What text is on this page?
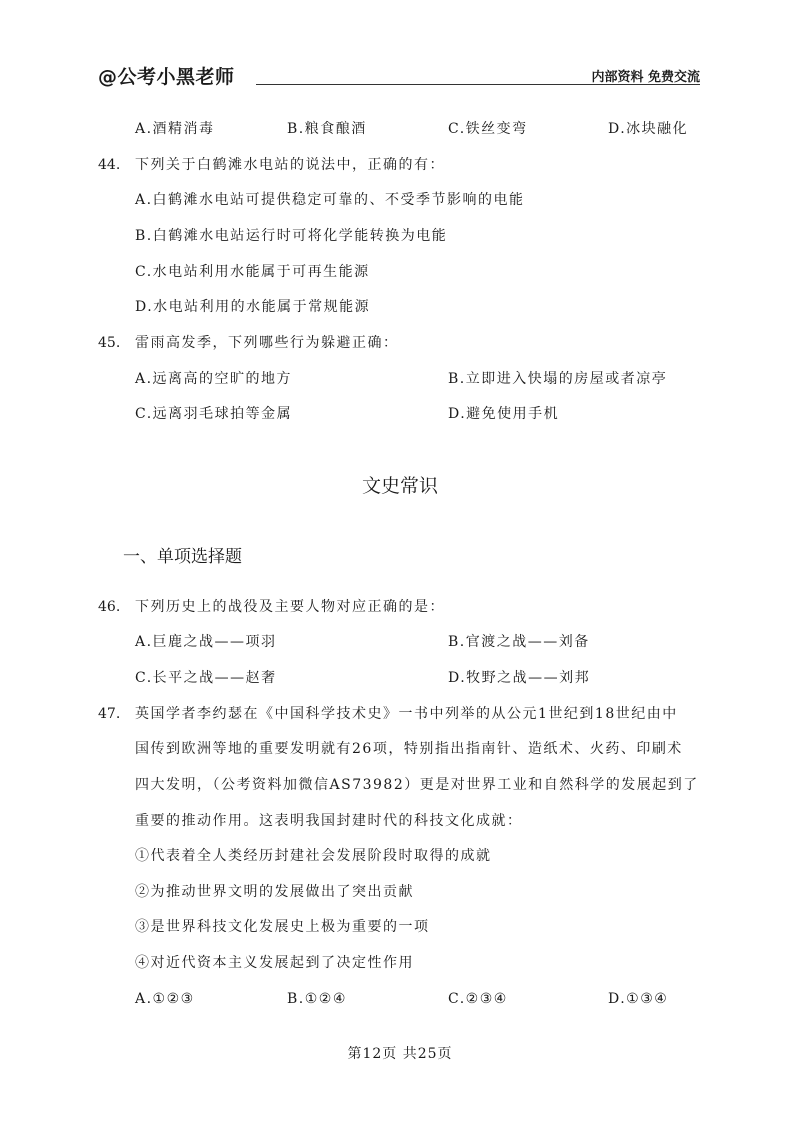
@公考小黑老师	内部资料 免费交流
A.酒精消毒	B.粮食酿酒	C.铁丝变弯	D.冰块融化
44. 下列关于白鹤滩水电站的说法中，正确的有：
A.白鹤滩水电站可提供稳定可靠的、不受季节影响的电能
B.白鹤滩水电站运行时可将化学能转换为电能
C.水电站利用水能属于可再生能源
D.水电站利用的水能属于常规能源
45. 雷雨高发季，下列哪些行为躲避正确：
A.远离高的空旷的地方	B.立即进入快塌的房屋或者凉亭
C.远离羽毛球拍等金属	D.避免使用手机
文史常识
一、单项选择题
46. 下列历史上的战役及主要人物对应正确的是：
A.巨鹿之战——项羽	B.官渡之战——刘备
C.长平之战——赵奢	D.牧野之战——刘邦
47. 英国学者李约瑟在《中国科学技术史》一书中列举的从公元1世纪到18世纪由中
国传到欧洲等地的重要发明就有26项，特别指出指南针、造纸术、火药、印刷术
四大发明，（公考资料加微信AS73982）更是对世界工业和自然科学的发展起到了
重要的推动作用。这表明我国封建时代的科技文化成就：
①代表着全人类经历封建社会发展阶段时取得的成就
②为推动世界文明的发展做出了突出贡献
③是世界科技文化发展史上极为重要的一项
④对近代资本主义发展起到了决定性作用
A.①②③	B.①②④	C.②③④	D.①③④
第12页 共25页
